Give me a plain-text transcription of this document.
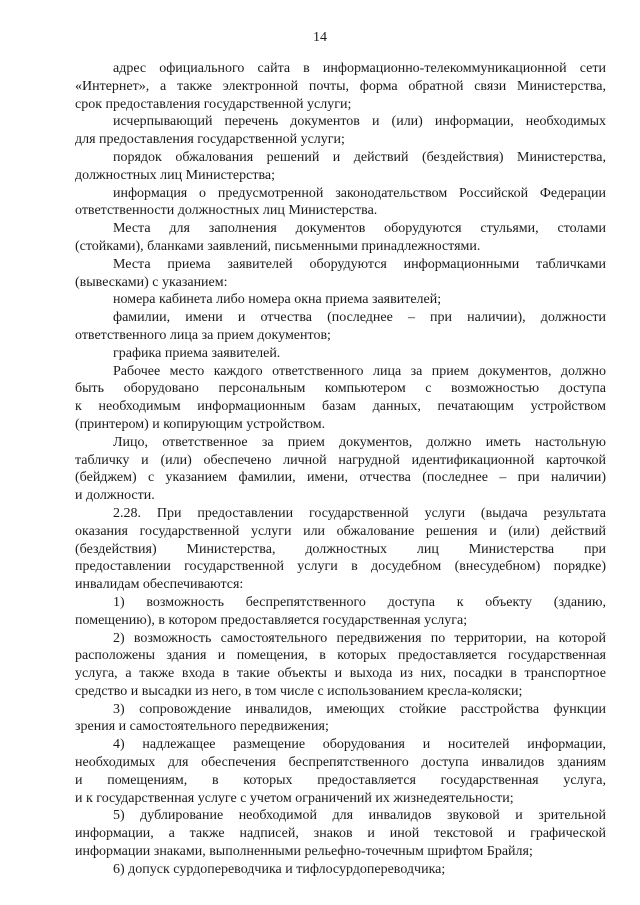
14
адрес официального сайта в информационно-телекоммуникационной сети
«Интернет», а также электронной почты, форма обратной связи Министерства,
срок предоставления государственной услуги;
исчерпывающий перечень документов и (или) информации, необходимых
для предоставления государственной услуги;
порядок обжалования решений и действий (бездействия) Министерства,
должностных лиц Министерства;
информация о предусмотренной законодательством Российской Федерации
ответственности должностных лиц Министерства.
Места для заполнения документов оборудуются стульями, столами
(стойками), бланками заявлений, письменными принадлежностями.
Места приема заявителей оборудуются информационными табличками
(вывесками) с указанием:
номера кабинета либо номера окна приема заявителей;
фамилии, имени и отчества (последнее – при наличии), должности
ответственного лица за прием документов;
графика приема заявителей.
Рабочее место каждого ответственного лица за прием документов, должно
быть оборудовано персональным компьютером с возможностью доступа
к необходимым информационным базам данных, печатающим устройством
(принтером) и копирующим устройством.
Лицо, ответственное за прием документов, должно иметь настольную
табличку и (или) обеспечено личной нагрудной идентификационной карточкой
(бейджем) с указанием фамилии, имени, отчества (последнее – при наличии)
и должности.
2.28. При предоставлении государственной услуги (выдача результата
оказания государственной услуги или обжалование решения и (или) действий
(бездействия) Министерства, должностных лиц Министерства при
предоставлении государственной услуги в досудебном (внесудебном) порядке)
инвалидам обеспечиваются:
1) возможность беспрепятственного доступа к объекту (зданию,
помещению), в котором предоставляется государственная услуга;
2) возможность самостоятельного передвижения по территории, на которой
расположены здания и помещения, в которых предоставляется государственная
услуга, а также входа в такие объекты и выхода из них, посадки в транспортное
средство и высадки из него, в том числе с использованием кресла-коляски;
3) сопровождение инвалидов, имеющих стойкие расстройства функции
зрения и самостоятельного передвижения;
4) надлежащее размещение оборудования и носителей информации,
необходимых для обеспечения беспрепятственного доступа инвалидов зданиям
и помещениям, в которых предоставляется государственная услуга,
и к государственная услуге с учетом ограничений их жизнедеятельности;
5) дублирование необходимой для инвалидов звуковой и зрительной
информации, а также надписей, знаков и иной текстовой и графической
информации знаками, выполненными рельефно-точечным шрифтом Брайля;
6) допуск сурдопереводчика и тифлосурдопереводчика;
